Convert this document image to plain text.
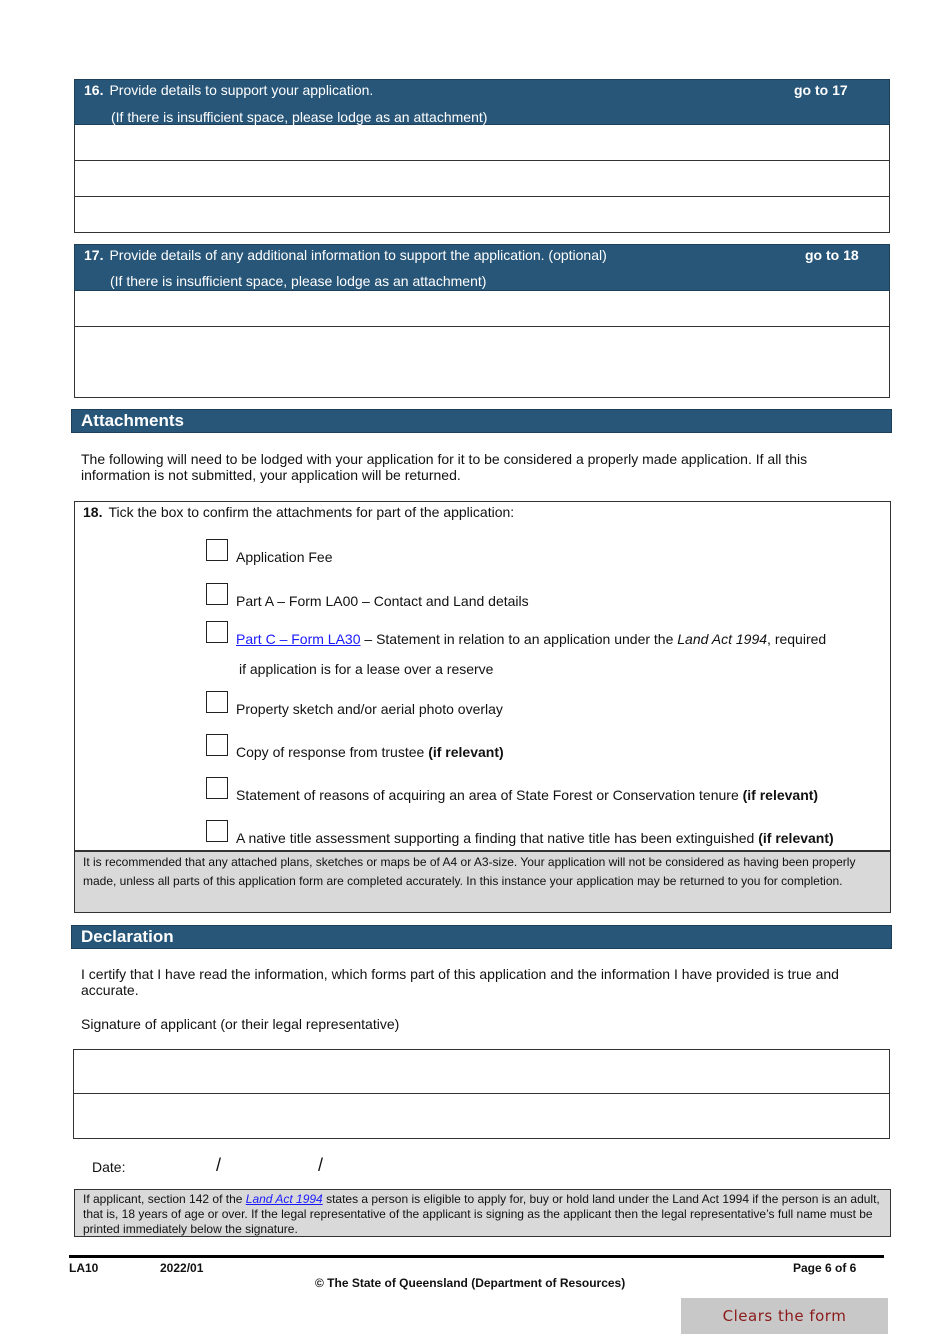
16. Provide details to support your application.
(If there is insufficient space, please lodge as an attachment)
go to 17
17. Provide details of any additional information to support the application. (optional)
(If there is insufficient space, please lodge as an attachment)
go to 18
Attachments
The following will need to be lodged with your application for it to be considered a properly made application. If all this information is not submitted, your application will be returned.
18. Tick the box to confirm the attachments for part of the application:
Application Fee
Part A – Form LA00 – Contact and Land details
Part C – Form LA30 – Statement in relation to an application under the Land Act 1994, required
if application is for a lease over a reserve
Property sketch and/or aerial photo overlay
Copy of response from trustee (if relevant)
Statement of reasons of acquiring an area of State Forest or Conservation tenure (if relevant)
A native title assessment supporting a finding that native title has been extinguished (if relevant)
It is recommended that any attached plans, sketches or maps be of A4 or A3-size. Your application will not be considered as having been properly made, unless all parts of this application form are completed accurately. In this instance your application may be returned to you for completion.
Declaration
I certify that I have read the information, which forms part of this application and the information I have provided is true and accurate.
Signature of applicant (or their legal representative)
Date:	/	/
If applicant, section 142 of the Land Act 1994 states a person is eligible to apply for, buy or hold land under the Land Act 1994 if the person is an adult, that is, 18 years of age or over. If the legal representative of the applicant is signing as the applicant then the legal representative’s full name must be printed immediately below the signature.
LA10	2022/01	Page 6 of 6
© The State of Queensland (Department of Resources)
Clears the form
